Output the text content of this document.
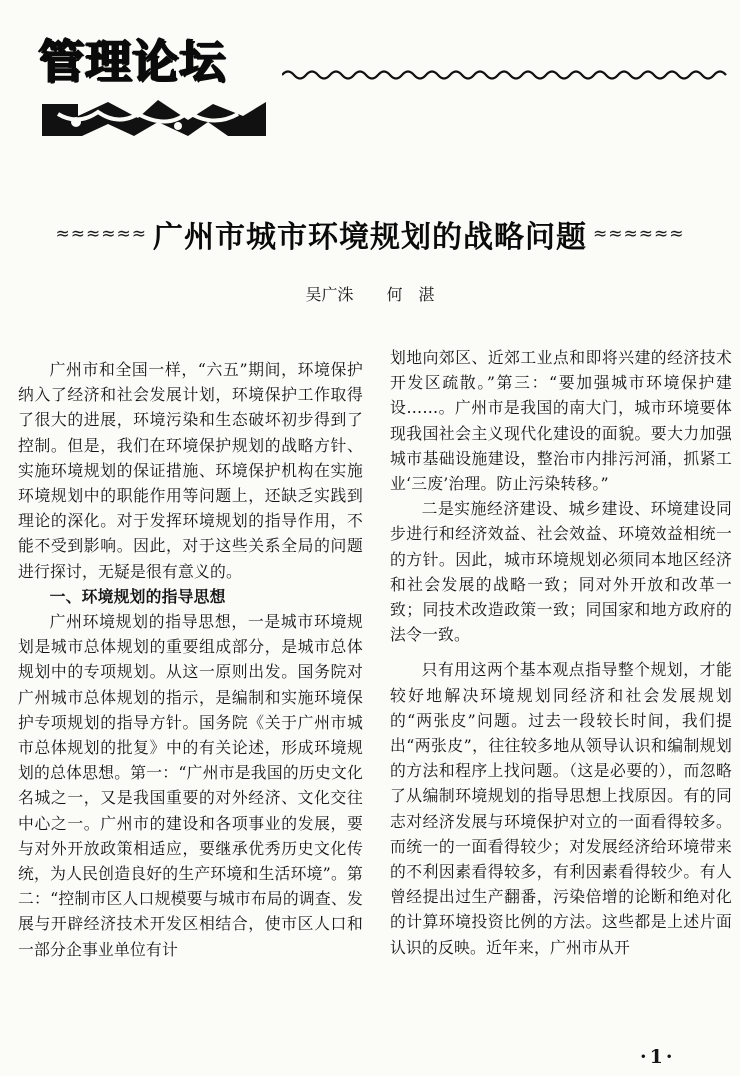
管理论坛
≈≈≈≈≈≈ 广州市城市环境规划的战略问题 ≈≈≈≈≈≈
吴广洙 何　湛

广州市和全国一样，“六五”期间，环境保护纳入了经济和社会发展计划，环境保护工作取得了很大的进展，环境污染和生态破坏初步得到了控制。但是，我们在环境保护规划的战略方针、实施环境规划的保证措施、环境保护机构在实施环境规划中的职能作用等问题上，还缺乏实践到理论的深化。对于发挥环境规划的指导作用，不能不受到影响。因此，对于这些关系全局的问题进行探讨，无疑是很有意义的。

一、环境规划的指导思想

广州环境规划的指导思想，一是城市环境规划是城市总体规划的重要组成部分，是城市总体规划中的专项规划。从这一原则出发。国务院对广州城市总体规划的指示，是编制和实施环境保护专项规划的指导方针。国务院《关于广州市城市总体规划的批复》中的有关论述，形成环境规划的总体思想。第一：“广州市是我国的历史文化名城之一，又是我国重要的对外经济、文化交往中心之一。广州市的建设和各项事业的发展，要与对外开放政策相适应，要继承优秀历史文化传统，为人民创造良好的生产环境和生活环境”。第二：“控制市区人口规模要与城市布局的调查、发展与开辟经济技术开发区相结合，使市区人口和一部分企事业单位有计

划地向郊区、近郊工业点和即将兴建的经济技术开发区疏散。”第三：“要加强城市环境保护建设……。广州市是我国的南大门，城市环境要体现我国社会主义现代化建设的面貌。要大力加强城市基础设施建设，整治市内排污河涌，抓紧工业‘三废’治理。防止污染转移。”

二是实施经济建设、城乡建设、环境建设同步进行和经济效益、社会效益、环境效益相统一的方针。因此，城市环境规划必须同本地区经济和社会发展的战略一致；同对外开放和改革一致；同技术改造政策一致；同国家和地方政府的法令一致。

只有用这两个基本观点指导整个规划，才能较好地解决环境规划同经济和社会发展规划的“两张皮”问题。过去一段较长时间，我们提出“两张皮”，往往较多地从领导认识和编制规划的方法和程序上找问题。（这是必要的），而忽略了从编制环境规划的指导思想上找原因。有的同志对经济发展与环境保护对立的一面看得较多。而统一的一面看得较少；对发展经济给环境带来的不利因素看得较多，有利因素看得较少。有人曾经提出过生产翻番，污染倍增的论断和绝对化的计算环境投资比例的方法。这些都是上述片面认识的反映。近年来，广州市从开

·1·
